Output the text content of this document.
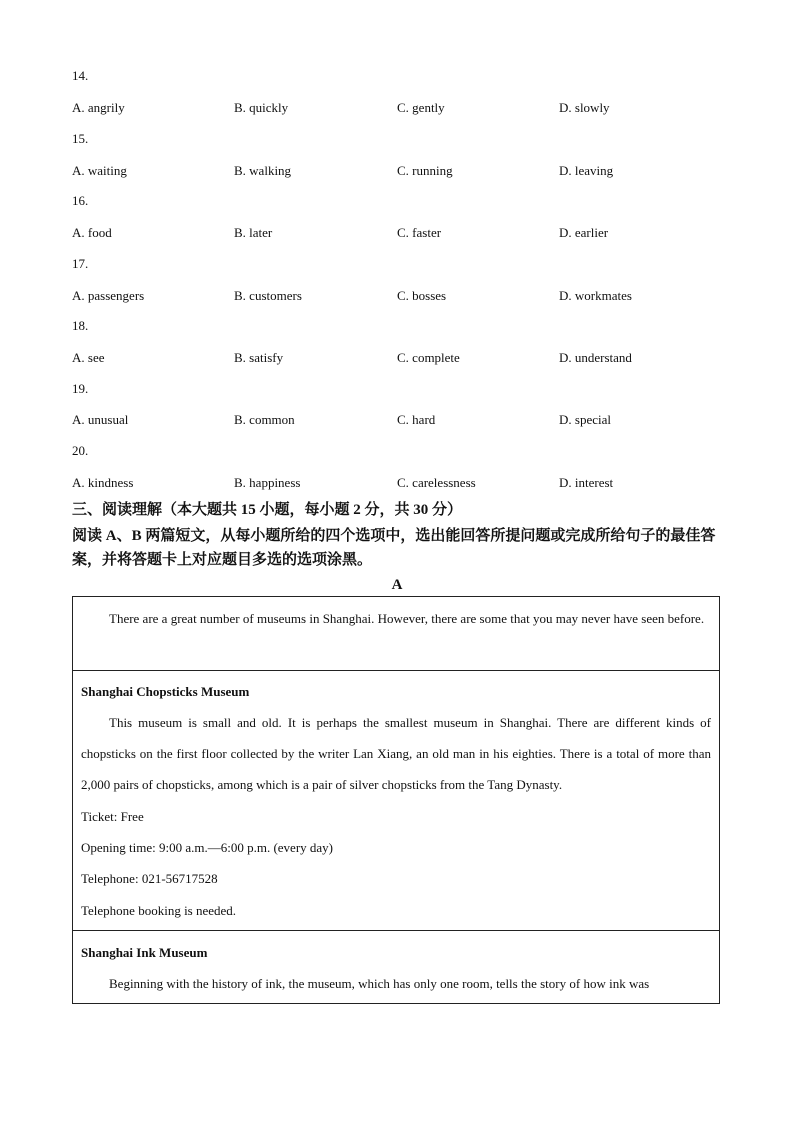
14.
A. angrily	B. quickly	C. gently	D. slowly
15.
A. waiting	B. walking	C. running	D. leaving
16.
A. food	B. later	C. faster	D. earlier
17.
A. passengers	B. customers	C. bosses	D. workmates
18.
A. see	B. satisfy	C. complete	D. understand
19.
A. unusual	B. common	C. hard	D. special
20.
A. kindness	B. happiness	C. carelessness	D. interest
三、阅读理解（本大题共 15 小题，每小题 2 分，共 30 分）
阅读 A、B 两篇短文，从每小题所给的四个选项中，选出能回答所提问题或完成所给句子的最佳答案，并将答题卡上对应题目多选的选项涂黑。
A
There are a great number of museums in Shanghai. However, there are some that you may never have seen before.
Shanghai Chopsticks Museum
This museum is small and old. It is perhaps the smallest museum in Shanghai. There are different kinds of chopsticks on the first floor collected by the writer Lan Xiang, an old man in his eighties. There is a total of more than 2,000 pairs of chopsticks, among which is a pair of silver chopsticks from the Tang Dynasty.
Ticket: Free
Opening time: 9:00 a.m.—6:00 p.m. (every day)
Telephone: 021-56717528
Telephone booking is needed.
Shanghai Ink Museum
Beginning with the history of ink, the museum, which has only one room, tells the story of how ink was
